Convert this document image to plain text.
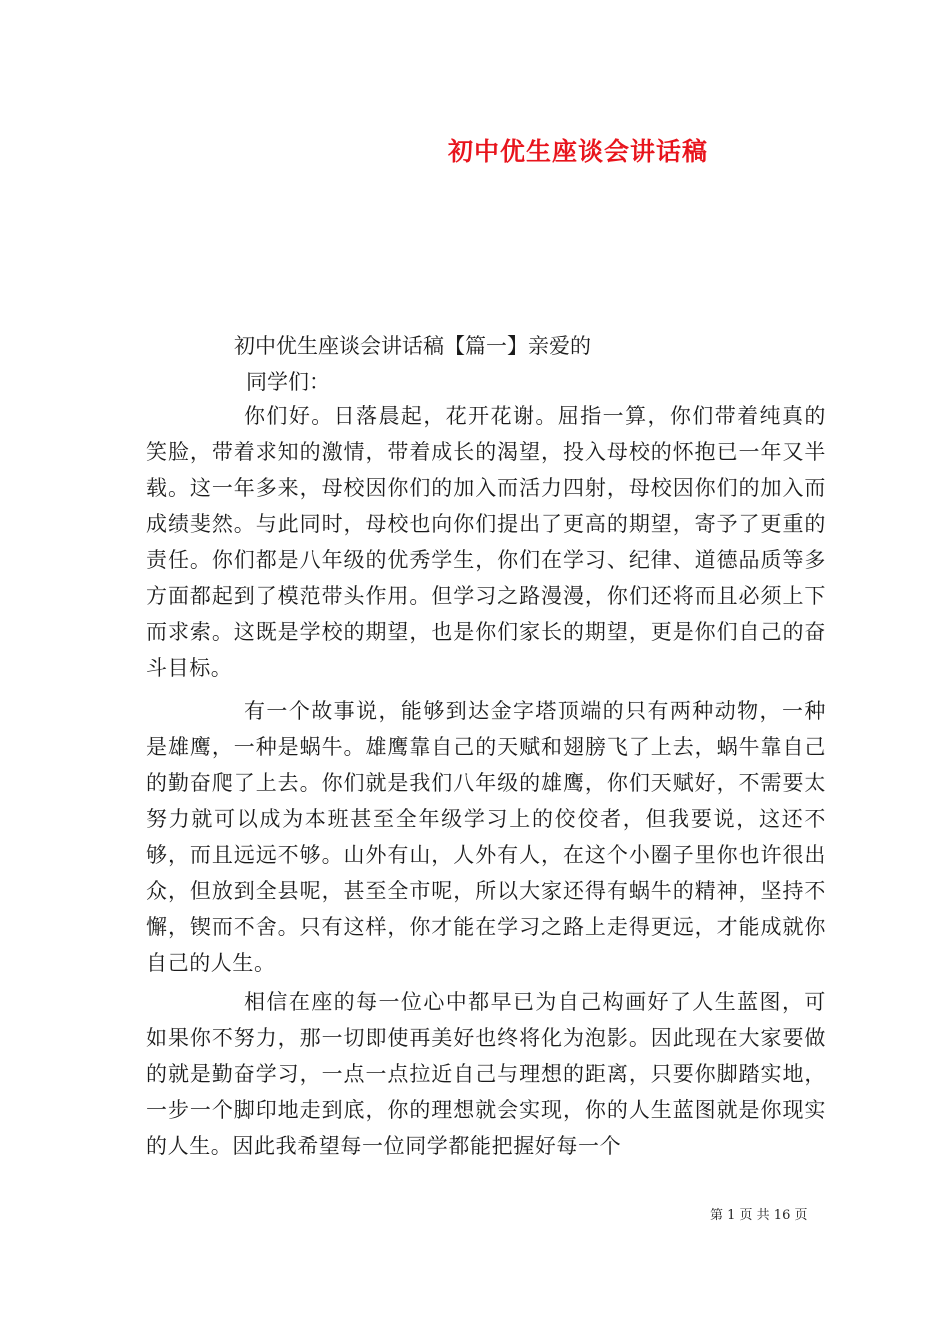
初中优生座谈会讲话稿

初中优生座谈会讲话稿【篇一】亲爱的

同学们：

你们好。日落晨起，花开花谢。屈指一算，你们带着纯真的笑脸，带着求知的激情，带着成长的渴望，投入母校的怀抱已一年又半载。这一年多来，母校因你们的加入而活力四射，母校因你们的加入而成绩斐然。与此同时，母校也向你们提出了更高的期望，寄予了更重的责任。你们都是八年级的优秀学生，你们在学习、纪律、道德品质等多方面都起到了模范带头作用。但学习之路漫漫，你们还将而且必须上下而求索。这既是学校的期望，也是你们家长的期望，更是你们自己的奋斗目标。

有一个故事说，能够到达金字塔顶端的只有两种动物，一种是雄鹰，一种是蜗牛。雄鹰靠自己的天赋和翅膀飞了上去，蜗牛靠自己的勤奋爬了上去。你们就是我们八年级的雄鹰，你们天赋好，不需要太努力就可以成为本班甚至全年级学习上的佼佼者，但我要说，这还不够，而且远远不够。山外有山，人外有人，在这个小圈子里你也许很出众，但放到全县呢，甚至全市呢，所以大家还得有蜗牛的精神，坚持不懈，锲而不舍。只有这样，你才能在学习之路上走得更远，才能成就你自己的人生。

相信在座的每一位心中都早已为自己构画好了人生蓝图，可如果你不努力，那一切即使再美好也终将化为泡影。因此现在大家要做的就是勤奋学习，一点一点拉近自己与理想的距离，只要你脚踏实地，一步一个脚印地走到底，你的理想就会实现，你的人生蓝图就是你现实的人生。因此我希望每一位同学都能把握好每一个

第 1 页 共 16 页
